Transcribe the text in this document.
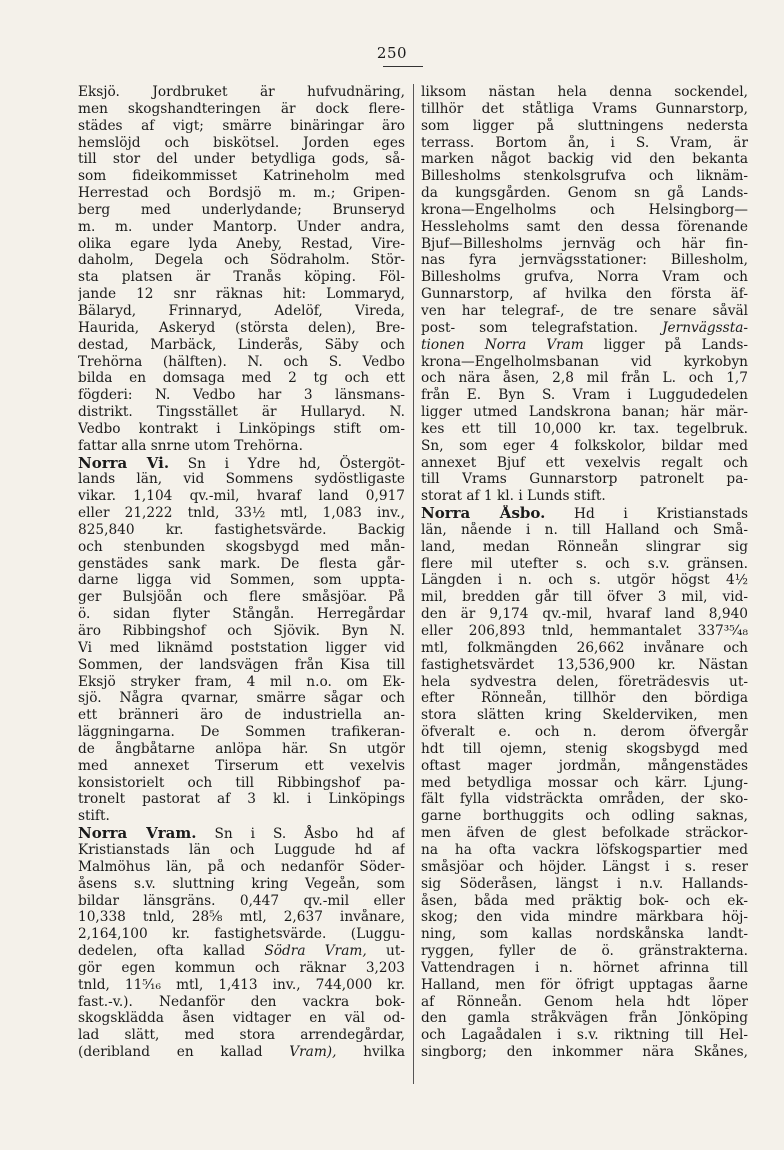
250
Eksjö. Jordbruket är hufvudnäring,
men skogshandteringen är dock flere-
städes af vigt; smärre binäringar äro
hemslöjd och biskötsel. Jorden eges
till stor del under betydliga gods, så-
som fideikommisset Katrineholm med
Herrestad och Bordsjö m. m.; Gripen-
berg med underlydande; Brunseryd
m. m. under Mantorp. Under andra,
olika egare lyda Aneby, Restad, Vire-
daholm, Degela och Södraholm. Stör-
sta platsen är Tranås köping. Föl-
jande 12 snr räknas hit: Lommaryd,
Bälaryd, Frinnaryd, Adelöf, Vireda,
Haurida, Askeryd (största delen), Bre-
destad, Marbäck, Linderås, Säby och
Trehörna (hälften). N. och S. Vedbo
bilda en domsaga med 2 tg och ett
fögderi: N. Vedbo har 3 länsmans-
distrikt. Tingsstället är Hullaryd. N.
Vedbo kontrakt i Linköpings stift om-
fattar alla snrne utom Trehörna.
Norra Vi. Sn i Ydre hd, Östergöt-
lands län, vid Sommens sydöstligaste
vikar. 1,104 qv.-mil, hvaraf land 0,917
eller 21,222 tnld, 33½ mtl, 1,083 inv.,
825,840 kr. fastighetsvärde. Backig
och stenbunden skogsbygd med mån-
genstädes sank mark. De flesta går-
darne ligga vid Sommen, som uppta-
ger Bulsjöån och flere småsjöar. På
ö. sidan flyter Stångån. Herregårdar
äro Ribbingshof och Sjövik. Byn N.
Vi med liknämd poststation ligger vid
Sommen, der landsvägen från Kisa till
Eksjö stryker fram, 4 mil n.o. om Ek-
sjö. Några qvarnar, smärre sågar och
ett bränneri äro de industriella an-
läggningarna. De Sommen trafikeran-
de ångbåtarne anlöpa här. Sn utgör
med annexet Tirserum ett vexelvis
konsistorielt och till Ribbingshof pa-
tronelt pastorat af 3 kl. i Linköpings
stift.
Norra Vram. Sn i S. Åsbo hd af
Kristianstads län och Luggude hd af
Malmöhus län, på och nedanför Söder-
åsens s.v. sluttning kring Vegeån, som
bildar länsgräns. 0,447 qv.-mil eller
10,338 tnld, 28⅝ mtl, 2,637 invånare,
2,164,100 kr. fastighetsvärde. (Luggu-
dedelen, ofta kallad Södra Vram, ut-
gör egen kommun och räknar 3,203
tnld, 11⁵⁄₁₆ mtl, 1,413 inv., 744,000 kr.
fast.-v.). Nedanför den vackra bok-
skogsklädda åsen vidtager en väl od-
lad slätt, med stora arrendegårdar,
(deribland en kallad Vram), hvilka
liksom nästan hela denna sockendel,
tillhör det ståtliga Vrams Gunnarstorp,
som ligger på sluttningens nedersta
terrass. Bortom ån, i S. Vram, är
marken något backig vid den bekanta
Billesholms stenkolsgrufva och liknäm-
da kungsgården. Genom sn gå Lands-
krona—Engelholms och Helsingborg—
Hessleholms samt den dessa förenande
Bjuf—Billesholms jernväg och här fin-
nas fyra jernvägsstationer: Billesholm,
Billesholms grufva, Norra Vram och
Gunnarstorp, af hvilka den första äf-
ven har telegraf-, de tre senare såväl
post- som telegrafstation. Jernvägssta-
tionen Norra Vram ligger på Lands-
krona—Engelholmsbanan vid kyrkobyn
och nära åsen, 2,8 mil från L. och 1,7
från E. Byn S. Vram i Luggudedelen
ligger utmed Landskrona banan; här mär-
kes ett till 10,000 kr. tax. tegelbruk.
Sn, som eger 4 folkskolor, bildar med
annexet Bjuf ett vexelvis regalt och
till Vrams Gunnarstorp patronelt pa-
storat af 1 kl. i Lunds stift.
Norra Åsbo. Hd i Kristianstads
län, nående i n. till Halland och Små-
land, medan Rönneån slingrar sig
flere mil utefter s. och s.v. gränsen.
Längden i n. och s. utgör högst 4½
mil, bredden går till öfver 3 mil, vid-
den är 9,174 qv.-mil, hvaraf land 8,940
eller 206,893 tnld, hemmantalet 337³⁵⁄₄₈
mtl, folkmängden 26,662 invånare och
fastighetsvärdet 13,536,900 kr. Nästan
hela sydvestra delen, företrädesvis ut-
efter Rönneån, tillhör den bördiga
stora slätten kring Skelderviken, men
öfveralt e. och n. derom öfvergår
hdt till ojemn, stenig skogsbygd med
oftast mager jordmån, mångenstädes
med betydliga mossar och kärr. Ljung-
fält fylla vidsträckta områden, der sko-
garne borthuggits och odling saknas,
men äfven de glest befolkade sträckor-
na ha ofta vackra löfskogspartier med
småsjöar och höjder. Längst i s. reser
sig Söderåsen, längst i n.v. Hallands-
åsen, båda med präktig bok- och ek-
skog; den vida mindre märkbara höj-
ning, som kallas nordskånska landt-
ryggen, fyller de ö. gränstrakterna.
Vattendragen i n. hörnet afrinna till
Halland, men för öfrigt upptagas åarne
af Rönneån. Genom hela hdt löper
den gamla stråkvägen från Jönköping
och Lagaådalen i s.v. riktning till Hel-
singborg; den inkommer nära Skånes,
